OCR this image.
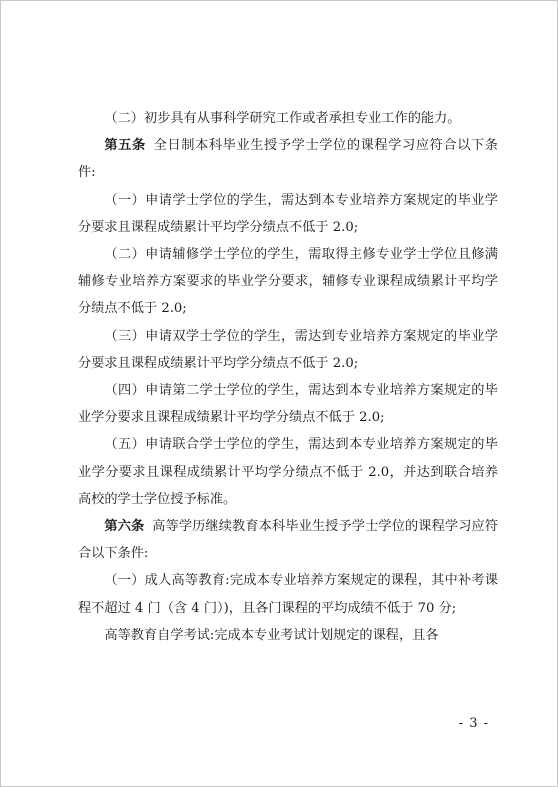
（二）初步具有从事科学研究工作或者承担专业工作的能力。

第五条 全日制本科毕业生授予学士学位的课程学习应符合以下条件:

（一）申请学士学位的学生，需达到本专业培养方案规定的毕业学分要求且课程成绩累计平均学分绩点不低于 2.0;

（二）申请辅修学士学位的学生，需取得主修专业学士学位且修满辅修专业培养方案要求的毕业学分要求，辅修专业课程成绩累计平均学分绩点不低于 2.0;

（三）申请双学士学位的学生，需达到专业培养方案规定的毕业学分要求且课程成绩累计平均学分绩点不低于 2.0;

（四）申请第二学士学位的学生，需达到本专业培养方案规定的毕业学分要求且课程成绩累计平均学分绩点不低于 2.0;

（五）申请联合学士学位的学生，需达到本专业培养方案规定的毕业学分要求且课程成绩累计平均学分绩点不低于 2.0，并达到联合培养高校的学士学位授予标准。

第六条 高等学历继续教育本科毕业生授予学士学位的课程学习应符合以下条件:

（一）成人高等教育:完成本专业培养方案规定的课程，其中补考课程不超过 4 门（含 4 门）)，且各门课程的平均成绩不低于 70 分;

高等教育自学考试:完成本专业考试计划规定的课程，且各

- 3 -
